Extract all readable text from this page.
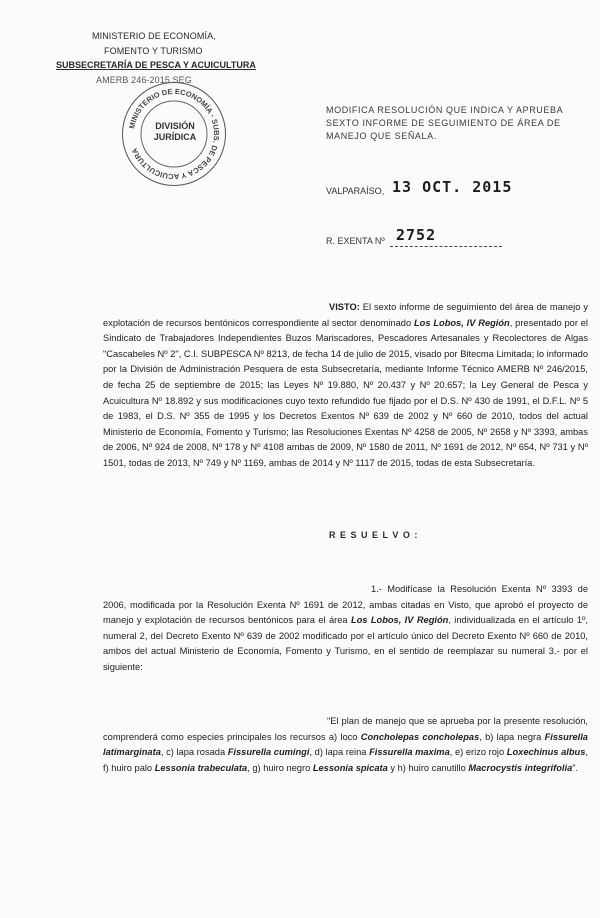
MINISTERIO DE ECONOMÍA,
FOMENTO Y TURISMO
SUBSECRETARÍA DE PESCA Y ACUICULTURA
AMERB 246-2015 SEG
MINISTERIO DE ECONOMÍA · SUBS. DE PESCA Y ACUICULTURA
DIVISIÓN
JURÍDICA
MODIFICA RESOLUCIÓN QUE INDICA Y APRUEBA
SEXTO INFORME DE SEGUIMIENTO DE ÁREA DE
MANEJO QUE SEÑALA.
VALPARAÍSO, 13 OCT. 2015
R. EXENTA Nº 2752
VISTO: El sexto informe de seguimiento del área de manejo y explotación de recursos bentónicos correspondiente al sector denominado Los Lobos, IV Región, presentado por el Sindicato de Trabajadores Independientes Buzos Mariscadores, Pescadores Artesanales y Recolectores de Algas "Cascabeles Nº 2", C.I. SUBPESCA Nº 8213, de fecha 14 de julio de 2015, visado por Bitecma Limitada; lo informado por la División de Administración Pesquera de esta Subsecretaría, mediante Informe Técnico AMERB Nº 246/2015, de fecha 25 de septiembre de 2015; las Leyes Nº 19.880, Nº 20.437 y Nº 20.657; la Ley General de Pesca y Acuicultura Nº 18.892 y sus modificaciones cuyo texto refundido fue fijado por el D.S. Nº 430 de 1991, el D.F.L. Nº 5 de 1983, el D.S. Nº 355 de 1995 y los Decretos Exentos Nº 639 de 2002 y Nº 660 de 2010, todos del actual Ministerio de Economía, Fomento y Turismo; las Resoluciones Exentas Nº 4258 de 2005, Nº 2658 y Nº 3393, ambas de 2006, Nº 924 de 2008, Nº 178 y Nº 4108 ambas de 2009, Nº 1580 de 2011, Nº 1691 de 2012, Nº 654, Nº 731 y Nº 1501, todas de 2013, Nº 749 y Nº 1169, ambas de 2014 y Nº 1117 de 2015, todas de esta Subsecretaría.
R E S U E L V O :
1.- Modifícase la Resolución Exenta Nº 3393 de 2006, modificada por la Resolución Exenta Nº 1691 de 2012, ambas citadas en Visto, que aprobó el proyecto de manejo y explotación de recursos bentónicos para el área Los Lobos, IV Región, individualizada en el artículo 1º, numeral 2, del Decreto Exento Nº 639 de 2002 modificado por el artículo único del Decreto Exento Nº 660 de 2010, ambos del actual Ministerio de Economía, Fomento y Turismo, en el sentido de reemplazar su numeral 3.- por el siguiente:
"El plan de manejo que se aprueba por la presente resolución, comprenderá como especies principales los recursos a) loco Concholepas concholepas, b) lapa negra Fissurella latimarginata, c) lapa rosada Fissurella cumingi, d) lapa reina Fissurella maxima, e) erizo rojo Loxechinus albus, f) huiro palo Lessonia trabeculata, g) huiro negro Lessonia spicata y h) huiro canutillo Macrocystis integrifolia".
